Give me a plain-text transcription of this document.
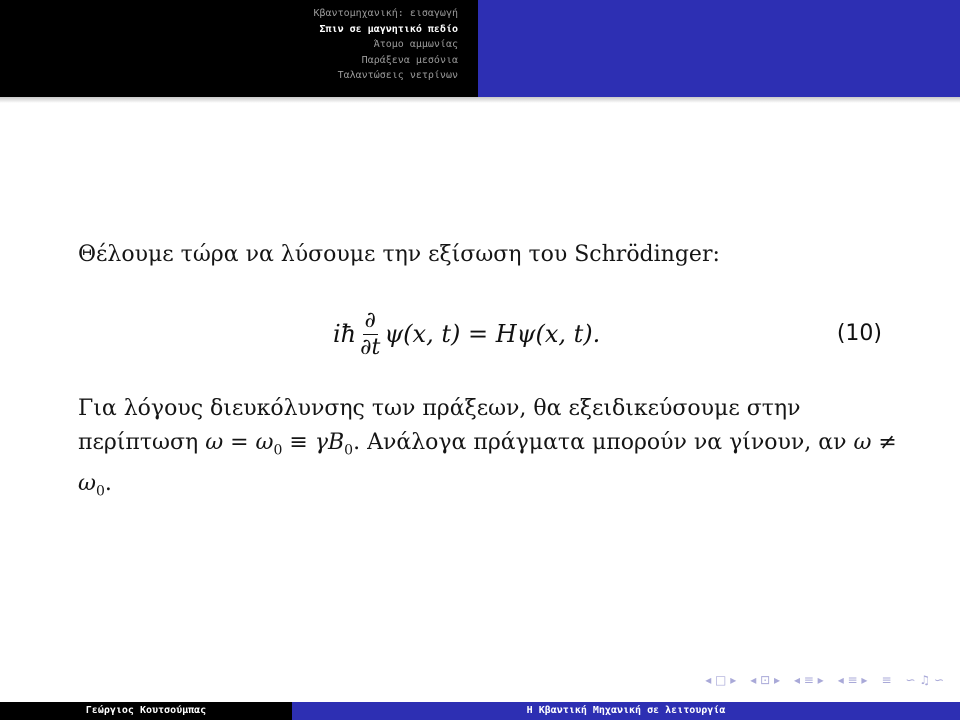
Κβαντομηχανική: εισαγωγή
Σπιν σε μαγνητικό πεδίο
Άτομο αμμωνίας
Παράξενα μεσόνια
Ταλαντώσεις νετρίνων

Θέλουμε τώρα να λύσουμε την εξίσωση του Schrödinger:

iħ $\frac{\partial}{\partial t} \psi(x$, t) = Hψ(x, t).	(10)

Για λόγους διευκόλυνσης των πράξεων, θα εξειδικεύσουμε στην περίπτωση $\omega = \omega_0 \equiv \gamma B_0$. Ανάλογα πράγματα μπορούν να γίνουν, αν $\omega \ne \omega_0$.

◂ □ ▸ ◂ ⊡ ▸ ◂ ≡ ▸ ◂ ≡ ▸ ≡ ∽ ♫ ∽
Γεώργιος Κουτσούμπας	Η Κβαντική Μηχανική σε λειτουργία
